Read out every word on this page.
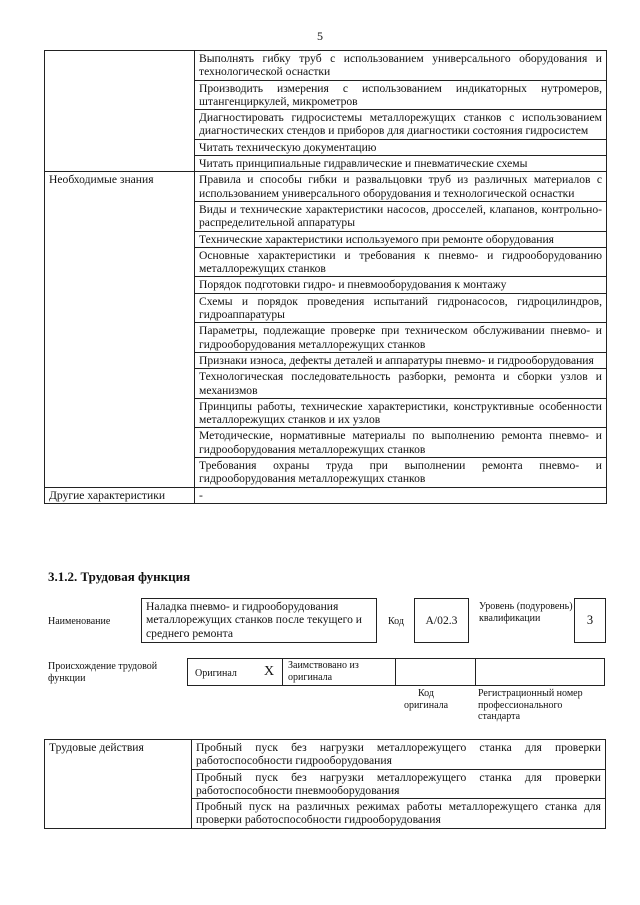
5
	Выполнять гибку труб с использованием универсального оборудования и технологической оснастки
	Производить измерения с использованием индикаторных нутромеров, штангенциркулей, микрометров
	Диагностировать гидросистемы металлорежущих станков с использованием диагностических стендов и приборов для диагностики состояния гидросистем
	Читать техническую документацию
	Читать принципиальные гидравлические и пневматические схемы
Необходимые знания	Правила и способы гибки и развальцовки труб из различных материалов с использованием универсального оборудования и технологической оснастки
	Виды и технические характеристики насосов, дросселей, клапанов, контрольно-распределительной аппаратуры
	Технические характеристики используемого при ремонте оборудования
	Основные характеристики и требования к пневмо- и гидрооборудованию металлорежущих станков
	Порядок подготовки гидро- и пневмооборудования к монтажу
	Схемы и порядок проведения испытаний гидронасосов, гидроцилиндров, гидроаппаратуры
	Параметры, подлежащие проверке при техническом обслуживании пневмо- и гидрооборудования металлорежущих станков
	Признаки износа, дефекты деталей и аппаратуры пневмо- и гидрооборудования
	Технологическая последовательность разборки, ремонта и сборки узлов и механизмов
	Принципы работы, технические характеристики, конструктивные особенности металлорежущих станков и их узлов
	Методические, нормативные материалы по выполнению ремонта пневмо- и гидрооборудования металлорежущих станков
	Требования охраны труда при выполнении ремонта пневмо- и гидрооборудования металлорежущих станков
Другие характеристики	-
3.1.2. Трудовая функция
Наименование
Наладка пневмо- и гидрооборудования металлорежущих станков после текущего и среднего ремонта
Код	А/02.3
Уровень (подуровень) квалификации	3
Происхождение трудовой функции	Оригинал X Заимствовано из оригинала
Код оригинала
Регистрационный номер профессионального стандарта
Трудовые действия	Пробный пуск без нагрузки металлорежущего станка для проверки работоспособности гидрооборудования
Пробный пуск без нагрузки металлорежущего станка для проверки работоспособности пневмооборудования
Пробный пуск на различных режимах работы металлорежущего станка для проверки работоспособности гидрооборудования
